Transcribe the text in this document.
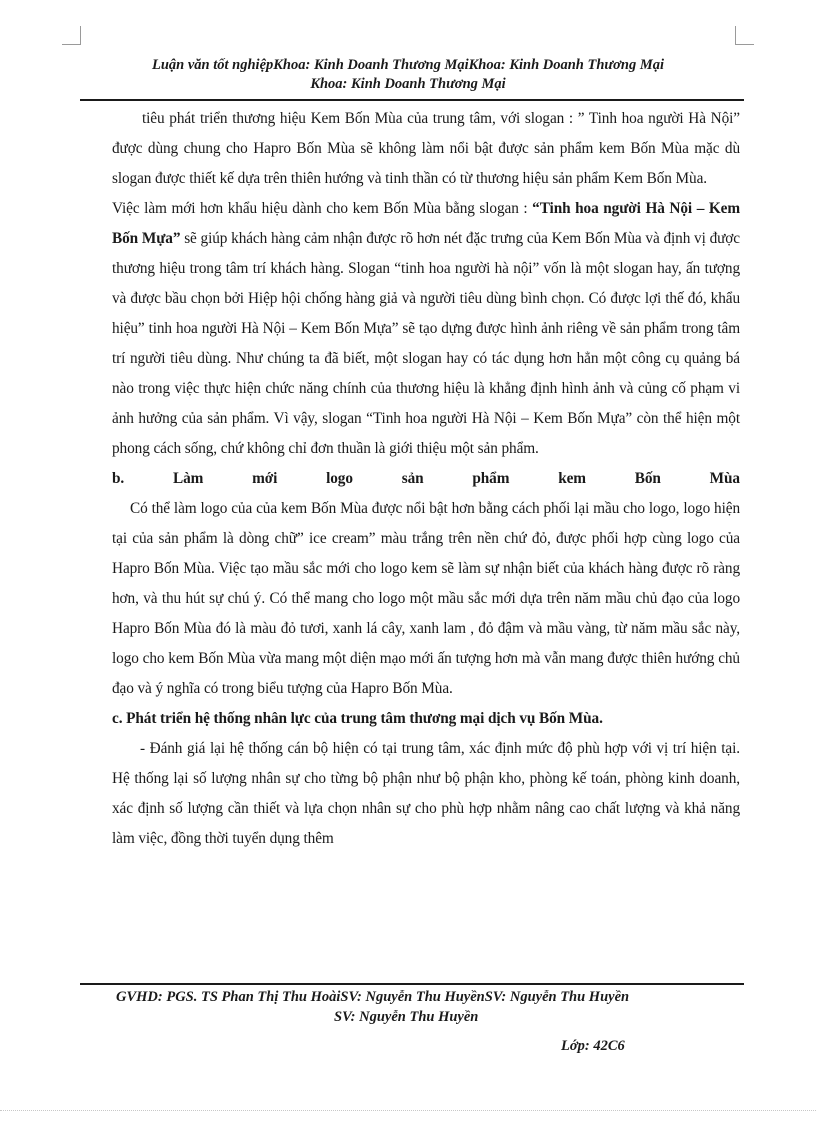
Luận văn tốt nghiệpKhoa: Kinh Doanh Thương MạiKhoa: Kinh Doanh Thương Mại
Khoa: Kinh Doanh Thương Mại

tiêu phát triển thương hiệu Kem Bốn Mùa của trung tâm, với slogan : ” Tinh hoa người Hà Nội” được dùng chung cho Hapro Bốn Mùa sẽ không làm nổi bật được sản phẩm kem Bốn Mùa mặc dù slogan được thiết kế dựa trên thiên hướng và tinh thần có từ thương hiệu sản phẩm Kem Bốn Mùa.

Việc làm mới hơn khẩu hiệu dành cho kem Bốn Mùa bằng slogan : “Tinh hoa người Hà Nội – Kem Bốn Mựa” sẽ giúp khách hàng cảm nhận được rõ hơn nét đặc trưng của Kem Bốn Mùa và định vị được thương hiệu trong tâm trí khách hàng. Slogan “tinh hoa người hà nội” vốn là một slogan hay, ấn tượng và được bầu chọn bởi Hiệp hội chống hàng giả và người tiêu dùng bình chọn. Có được lợi thế đó, khẩu hiệu” tinh hoa người Hà Nội – Kem Bốn Mựa” sẽ tạo dựng được hình ảnh riêng về sản phẩm trong tâm trí người tiêu dùng. Như chúng ta đã biết, một slogan hay có tác dụng hơn hẳn một công cụ quảng bá nào trong việc thực hiện chức năng chính của thương hiệu là khẳng định hình ảnh và củng cố phạm vi ảnh hưởng của sản phẩm. Vì vậy, slogan “Tinh hoa người Hà Nội – Kem Bốn Mựa” còn thể hiện một phong cách sống, chứ không chỉ đơn thuần là giới thiệu một sản phẩm.

b.	Làm	mới	logo	sản	phẩm	kem	Bốn	Mùa

Có thể làm logo của của kem Bốn Mùa được nổi bật hơn bằng cách phối lại mầu cho logo, logo hiện tại của sản phẩm là dòng chữ” ice cream” màu trắng trên nền chứ đỏ, được phối hợp cùng logo của Hapro Bốn Mùa. Việc tạo mầu sắc mới cho logo kem sẽ làm sự nhận biết của khách hàng được rõ ràng hơn, và thu hút sự chú ý. Có thể mang cho logo một mầu sắc mới dựa trên năm mầu chủ đạo của logo Hapro Bốn Mùa đó là màu đỏ tươi, xanh lá cây, xanh lam , đỏ đậm và mầu vàng, từ năm mầu sắc này, logo cho kem Bốn Mùa vừa mang một diện mạo mới ấn tượng hơn mà vẫn mang được thiên hướng chủ đạo và ý nghĩa có trong biểu tượng của Hapro Bốn Mùa.

c. Phát triển hệ thống nhân lực của trung tâm thương mại dịch vụ Bốn Mùa.

- Đánh giá lại hệ thống cán bộ hiện có tại trung tâm, xác định mức độ phù hợp với vị trí hiện tại. Hệ thống lại số lượng nhân sự cho từng bộ phận như bộ phận kho, phòng kế toán, phòng kinh doanh, xác định số lượng cần thiết và lựa chọn nhân sự cho phù hợp nhằm nâng cao chất lượng và khả năng làm việc, đồng thời tuyển dụng thêm

GVHD: PGS. TS Phan Thị Thu HoàiSV: Nguyễn Thu HuyềnSV: Nguyễn Thu Huyền
SV: Nguyễn Thu Huyền
Lớp: 42C6
